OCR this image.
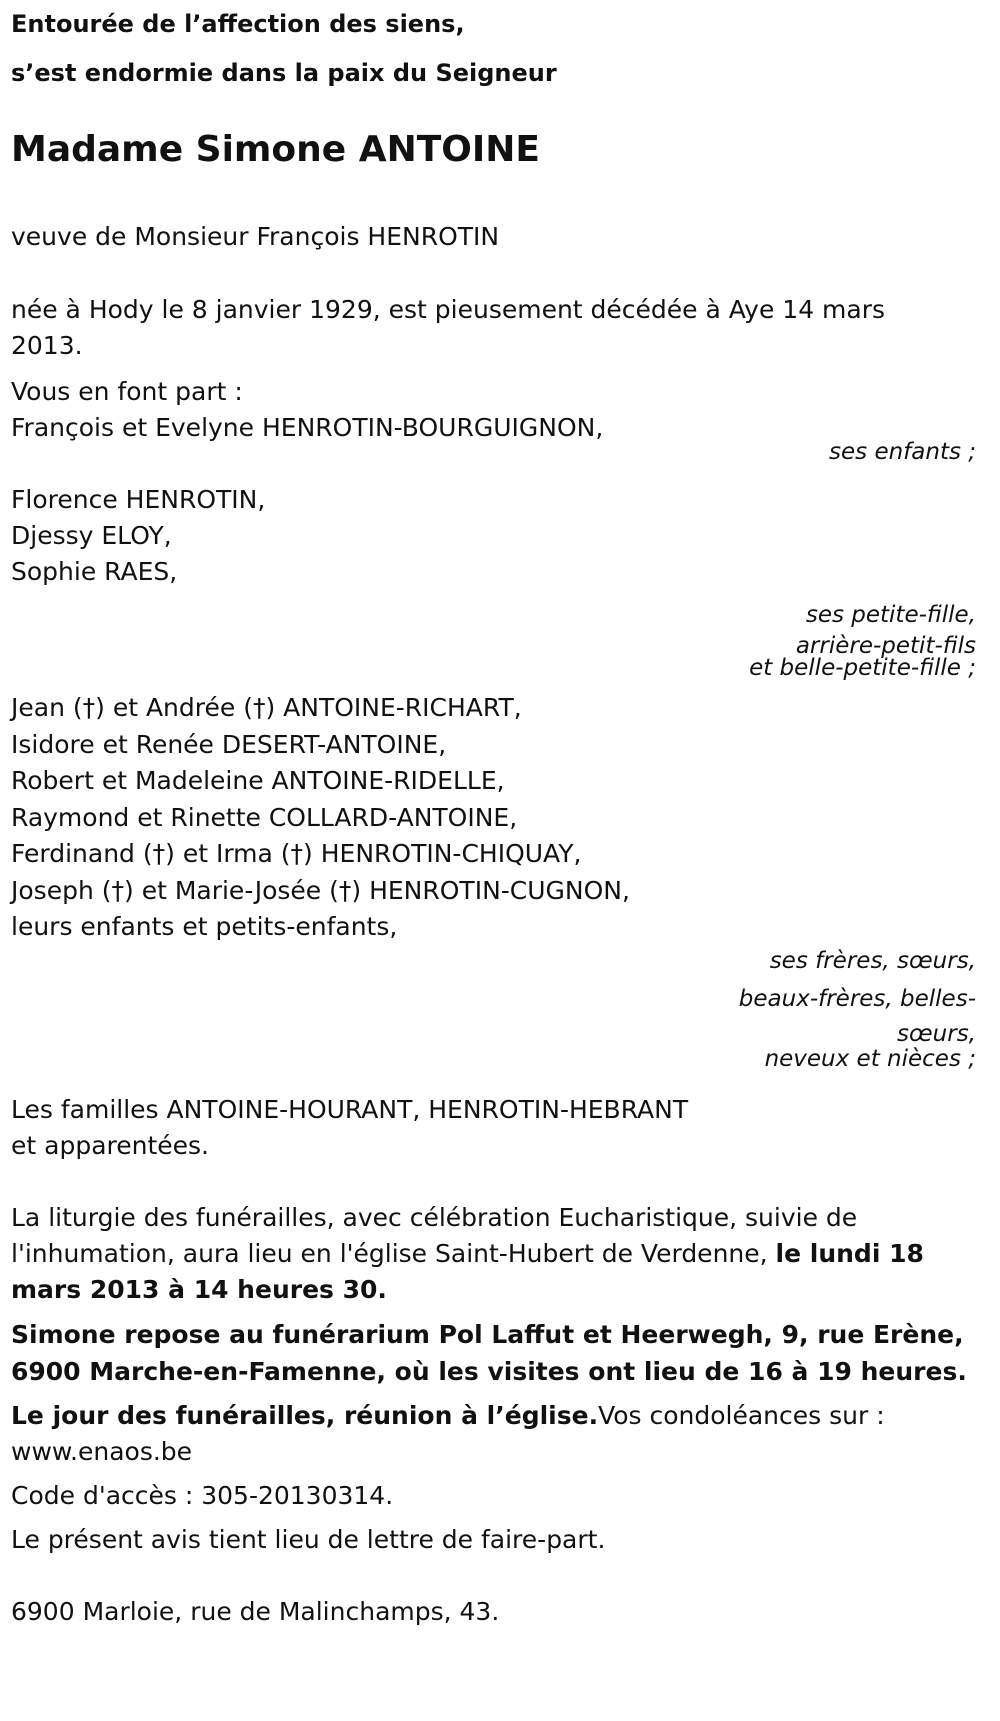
Entourée de l’affection des siens,
s’est endormie dans la paix du Seigneur
Madame Simone ANTOINE
veuve de Monsieur François HENROTIN
née à Hody le 8 janvier 1929, est pieusement décédée à Aye 14 mars
2013.
Vous en font part :
François et Evelyne HENROTIN-BOURGUIGNON,
ses enfants ;
Florence HENROTIN,
Djessy ELOY,
Sophie RAES,
ses petite-fille,
arrière-petit-fils
et belle-petite-fille ;
Jean (†) et Andrée (†) ANTOINE-RICHART,
Isidore et Renée DESERT-ANTOINE,
Robert et Madeleine ANTOINE-RIDELLE,
Raymond et Rinette COLLARD-ANTOINE,
Ferdinand (†) et Irma (†) HENROTIN-CHIQUAY,
Joseph (†) et Marie-Josée (†) HENROTIN-CUGNON,
leurs enfants et petits-enfants,
ses frères, sœurs,
beaux-frères, belles-
sœurs,
neveux et nièces ;
Les familles ANTOINE-HOURANT, HENROTIN-HEBRANT
et apparentées.
La liturgie des funérailles, avec célébration Eucharistique, suivie de
l'inhumation, aura lieu en l'église Saint-Hubert de Verdenne, le lundi 18
mars 2013 à 14 heures 30.
Simone repose au funérarium Pol Laffut et Heerwegh, 9, rue Erène,
6900 Marche-en-Famenne, où les visites ont lieu de 16 à 19 heures.
Le jour des funérailles, réunion à l’église.Vos condoléances sur :
www.enaos.be
Code d'accès : 305-20130314.
Le présent avis tient lieu de lettre de faire-part.
6900 Marloie, rue de Malinchamps, 43.
